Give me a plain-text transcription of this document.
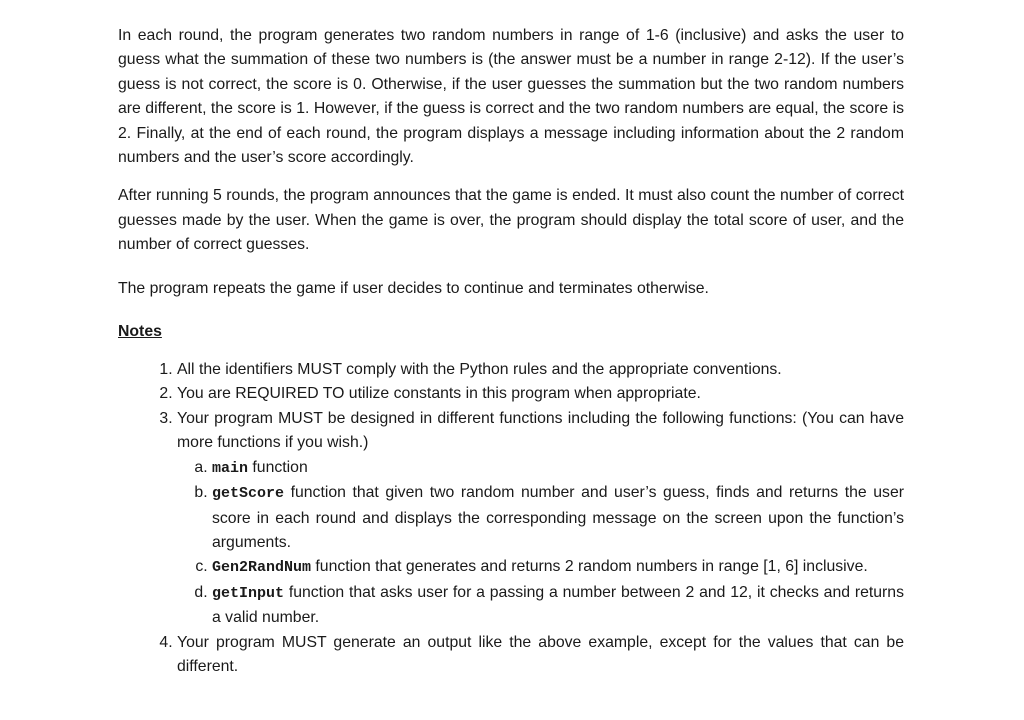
In each round, the program generates two random numbers in range of 1-6 (inclusive) and asks the user to guess what the summation of these two numbers is (the answer must be a number in range 2-12). If the user’s guess is not correct, the score is 0. Otherwise, if the user guesses the summation but the two random numbers are different, the score is 1. However, if the guess is correct and the two random numbers are equal, the score is 2. Finally, at the end of each round, the program displays a message including information about the 2 random numbers and the user’s score accordingly.

After running 5 rounds, the program announces that the game is ended. It must also count the number of correct guesses made by the user. When the game is over, the program should display the total score of user, and the number of correct guesses.

The program repeats the game if user decides to continue and terminates otherwise.

Notes
1. All the identifiers MUST comply with the Python rules and the appropriate conventions.
2. You are REQUIRED TO utilize constants in this program when appropriate.
3. Your program MUST be designed in different functions including the following functions: (You can have more functions if you wish.)
a. main function
b. getScore function that given two random number and user’s guess, finds and returns the user score in each round and displays the corresponding message on the screen upon the function’s arguments.
c. Gen2RandNum function that generates and returns 2 random numbers in range [1, 6] inclusive.
d. getInput function that asks user for a passing a number between 2 and 12, it checks and returns a valid number.
4. Your program MUST generate an output like the above example, except for the values that can be different.
